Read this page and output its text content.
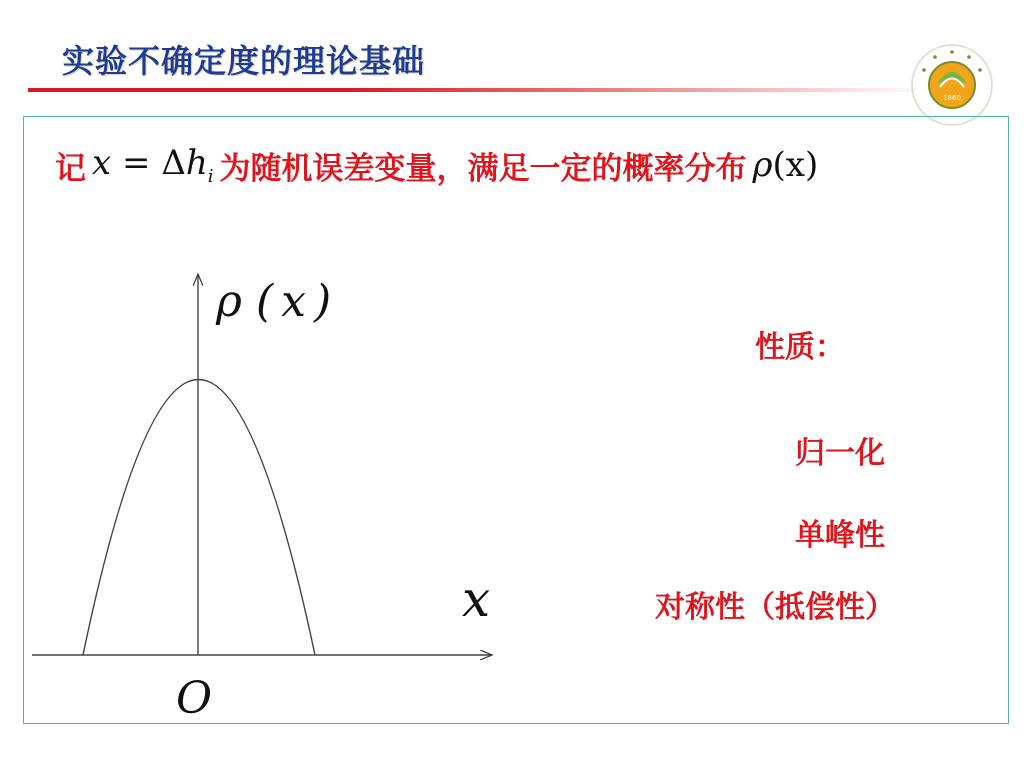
实验不确定度的理论基础
1860
记 $x = \Delta h_i$ 为随机误差变量，满足一定的概率分布 ρ(x)
ρ (x)
x
O
性质：
归一化
单峰性
对称性（抵偿性）
